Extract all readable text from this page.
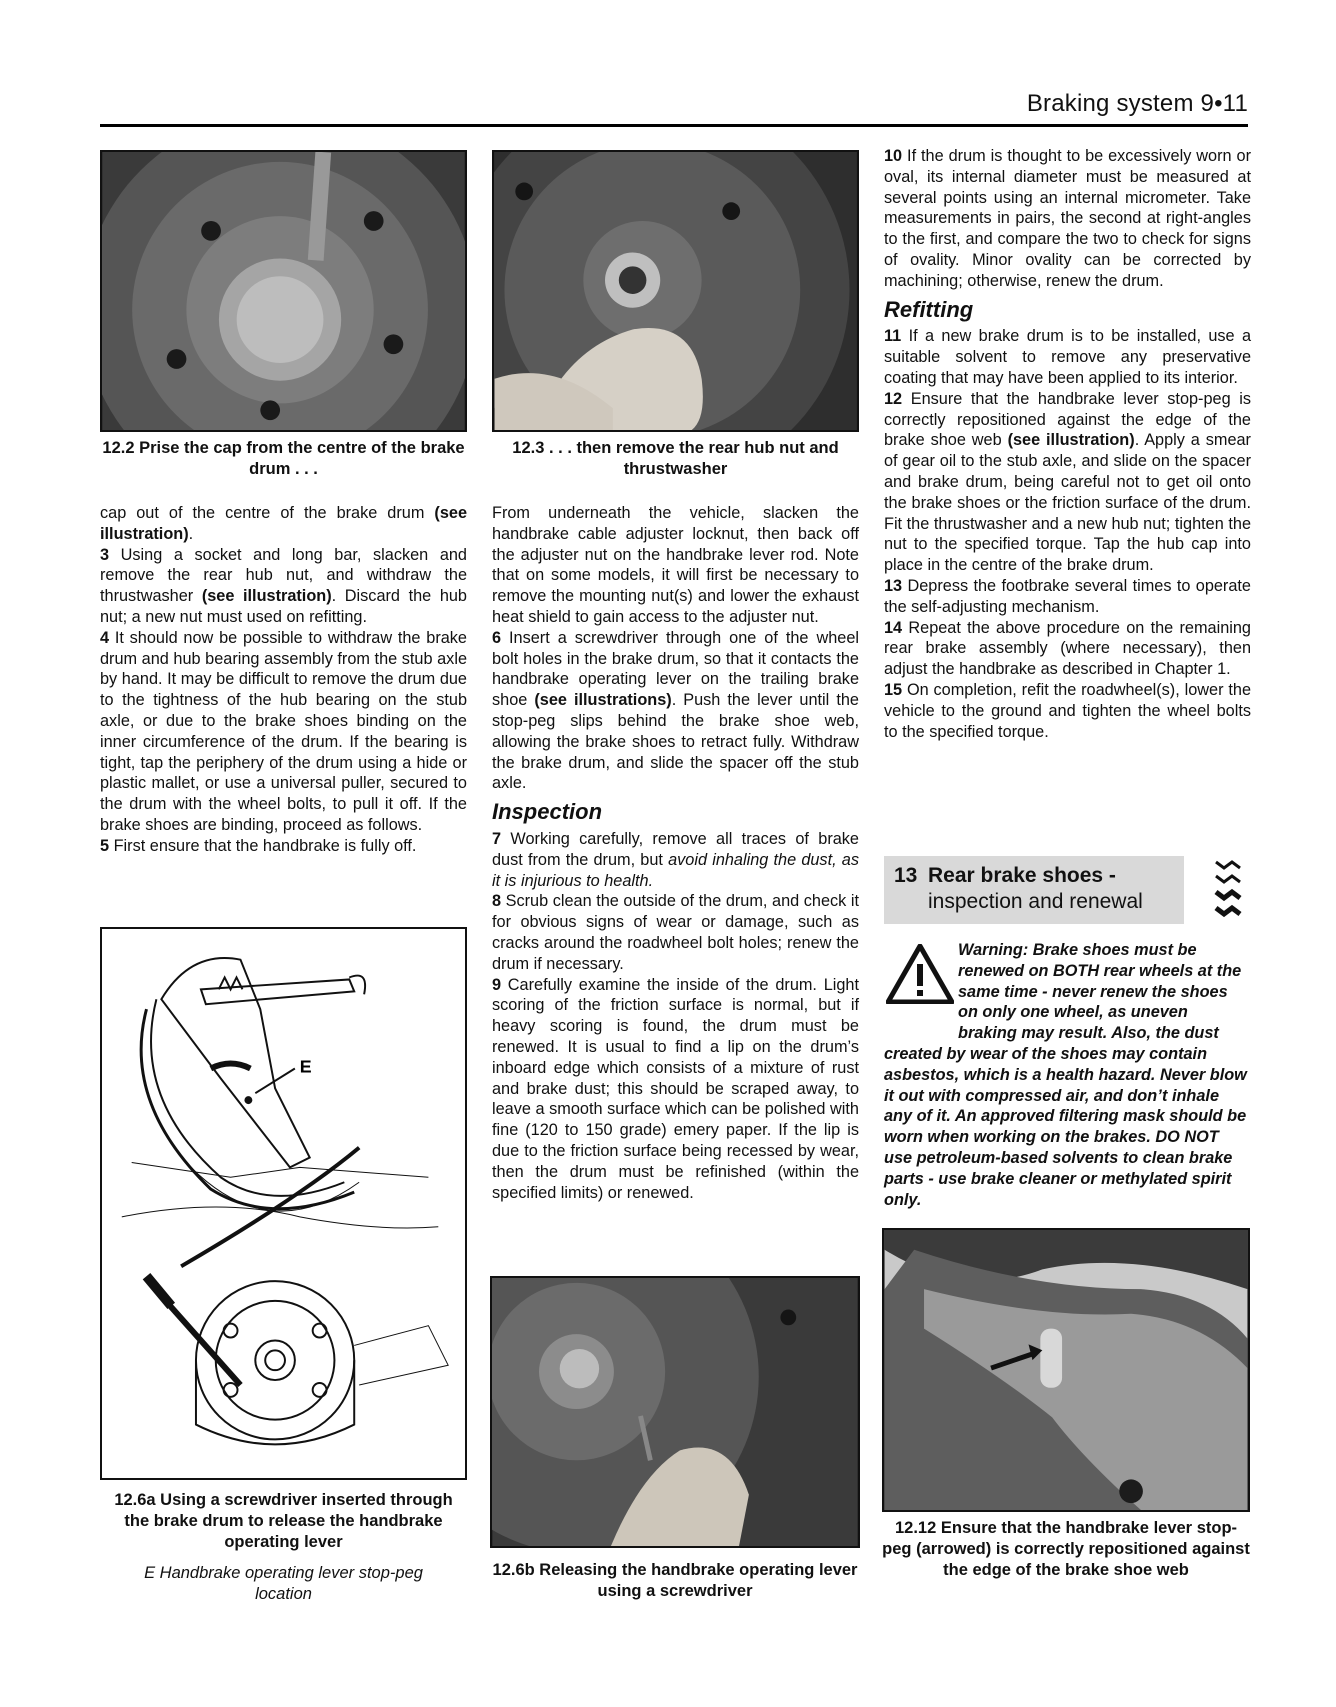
Braking system 9•11
12.2 Prise the cap from the centre of the brake drum . . .
12.3 . . . then remove the rear hub nut and thrustwasher

cap out of the centre of the brake drum (see illustration).

3 Using a socket and long bar, slacken and remove the rear hub nut, and withdraw the thrustwasher (see illustration). Discard the hub nut; a new nut must used on refitting.

4 It should now be possible to withdraw the brake drum and hub bearing assembly from the stub axle by hand. It may be difficult to remove the drum due to the tightness of the hub bearing on the stub axle, or due to the brake shoes binding on the inner circumference of the drum. If the bearing is tight, tap the periphery of the drum using a hide or plastic mallet, or use a universal puller, secured to the drum with the wheel bolts, to pull it off. If the brake shoes are binding, proceed as follows.

5 First ensure that the handbrake is fully off.

E
12.6a Using a screwdriver inserted through the brake drum to release the handbrake operating lever
E Handbrake operating lever stop-peg location

From underneath the vehicle, slacken the handbrake cable adjuster locknut, then back off the adjuster nut on the handbrake lever rod. Note that on some models, it will first be necessary to remove the mounting nut(s) and lower the exhaust heat shield to gain access to the adjuster nut.

6 Insert a screwdriver through one of the wheel bolt holes in the brake drum, so that it contacts the handbrake operating lever on the trailing brake shoe (see illustrations). Push the lever until the stop-peg slips behind the brake shoe web, allowing the brake shoes to retract fully. Withdraw the brake drum, and slide the spacer off the stub axle.

Inspection

7 Working carefully, remove all traces of brake dust from the drum, but avoid inhaling the dust, as it is injurious to health.

8 Scrub clean the outside of the drum, and check it for obvious signs of wear or damage, such as cracks around the roadwheel bolt holes; renew the drum if necessary.

9 Carefully examine the inside of the drum. Light scoring of the friction surface is normal, but if heavy scoring is found, the drum must be renewed. It is usual to find a lip on the drum’s inboard edge which consists of a mixture of rust and brake dust; this should be scraped away, to leave a smooth surface which can be polished with fine (120 to 150 grade) emery paper. If the lip is due to the friction surface being recessed by wear, then the drum must be refinished (within the specified limits) or renewed.

12.6b Releasing the handbrake operating lever using a screwdriver

10 If the drum is thought to be excessively worn or oval, its internal diameter must be measured at several points using an internal micrometer. Take measurements in pairs, the second at right-angles to the first, and compare the two to check for signs of ovality. Minor ovality can be corrected by machining; otherwise, renew the drum.

Refitting

11 If a new brake drum is to be installed, use a suitable solvent to remove any preservative coating that may have been applied to its interior.

12 Ensure that the handbrake lever stop-peg is correctly repositioned against the edge of the brake shoe web (see illustration). Apply a smear of gear oil to the stub axle, and slide on the spacer and brake drum, being careful not to get oil onto the brake shoes or the friction surface of the drum. Fit the thrustwasher and a new hub nut; tighten the nut to the specified torque. Tap the hub cap into place in the centre of the brake drum.

13 Depress the footbrake several times to operate the self-adjusting mechanism.

14 Repeat the above procedure on the remaining rear brake assembly (where necessary), then adjust the handbrake as described in Chapter 1.

15 On completion, refit the roadwheel(s), lower the vehicle to the ground and tighten the wheel bolts to the specified torque.

13 Rear brake shoes -
inspection and renewal
Warning: Brake shoes must be renewed on BOTH rear wheels at the same time - never renew the shoes on only one wheel, as uneven braking may result. Also, the dust created by wear of the shoes may contain asbestos, which is a health hazard. Never blow it out with compressed air, and don’t inhale any of it. An approved filtering mask should be worn when working on the brakes. DO NOT use petroleum-based solvents to clean brake parts - use brake cleaner or methylated spirit only.
12.12 Ensure that the handbrake lever stop-peg (arrowed) is correctly repositioned against the edge of the brake shoe web
